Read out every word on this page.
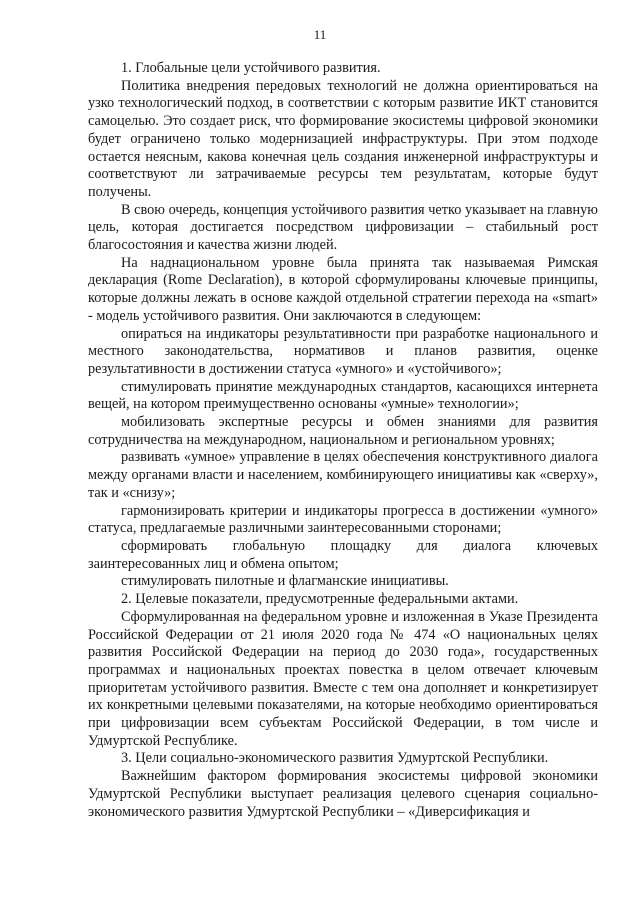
11

1. Глобальные цели устойчивого развития.

Политика внедрения передовых технологий не должна ориентироваться на узко технологический подход, в соответствии с которым развитие ИКТ становится самоцелью. Это создает риск, что формирование экосистемы цифровой экономики будет ограничено только модернизацией инфраструктуры. При этом подходе остается неясным, какова конечная цель создания инженерной инфраструктуры и соответствуют ли затрачиваемые ресурсы тем результатам, которые будут получены.

В свою очередь, концепция устойчивого развития четко указывает на главную цель, которая достигается посредством цифровизации – стабильный рост благосостояния и качества жизни людей.

На наднациональном уровне была принята так называемая Римская декларация (Rome Declaration), в которой сформулированы ключевые принципы, которые должны лежать в основе каждой отдельной стратегии перехода на «smart» - модель устойчивого развития. Они заключаются в следующем:

опираться на индикаторы результативности при разработке национального и местного законодательства, нормативов и планов развития, оценке результативности в достижении статуса «умного» и «устойчивого»;

стимулировать принятие международных стандартов, касающихся интернета вещей, на котором преимущественно основаны «умные» технологии»;

мобилизовать экспертные ресурсы и обмен знаниями для развития сотрудничества на международном, национальном и региональном уровнях;

развивать «умное» управление в целях обеспечения конструктивного диалога между органами власти и населением, комбинирующего инициативы как «сверху», так и «снизу»;

гармонизировать критерии и индикаторы прогресса в достижении «умного» статуса, предлагаемые различными заинтересованными сторонами;

сформировать глобальную площадку для диалога ключевых заинтересованных лиц и обмена опытом;

стимулировать пилотные и флагманские инициативы.

2. Целевые показатели, предусмотренные федеральными актами.

Сформулированная на федеральном уровне и изложенная в Указе Президента Российской Федерации от 21 июля 2020 года № 474 «О национальных целях развития Российской Федерации на период до 2030 года», государственных программах и национальных проектах повестка в целом отвечает ключевым приоритетам устойчивого развития. Вместе с тем она дополняет и конкретизирует их конкретными целевыми показателями, на которые необходимо ориентироваться при цифровизации всем субъектам Российской Федерации, в том числе и Удмуртской Республике.

3. Цели социально-экономического развития Удмуртской Республики.

Важнейшим фактором формирования экосистемы цифровой экономики Удмуртской Республики выступает реализация целевого сценария социально-экономического развития Удмуртской Республики – «Диверсификация и
